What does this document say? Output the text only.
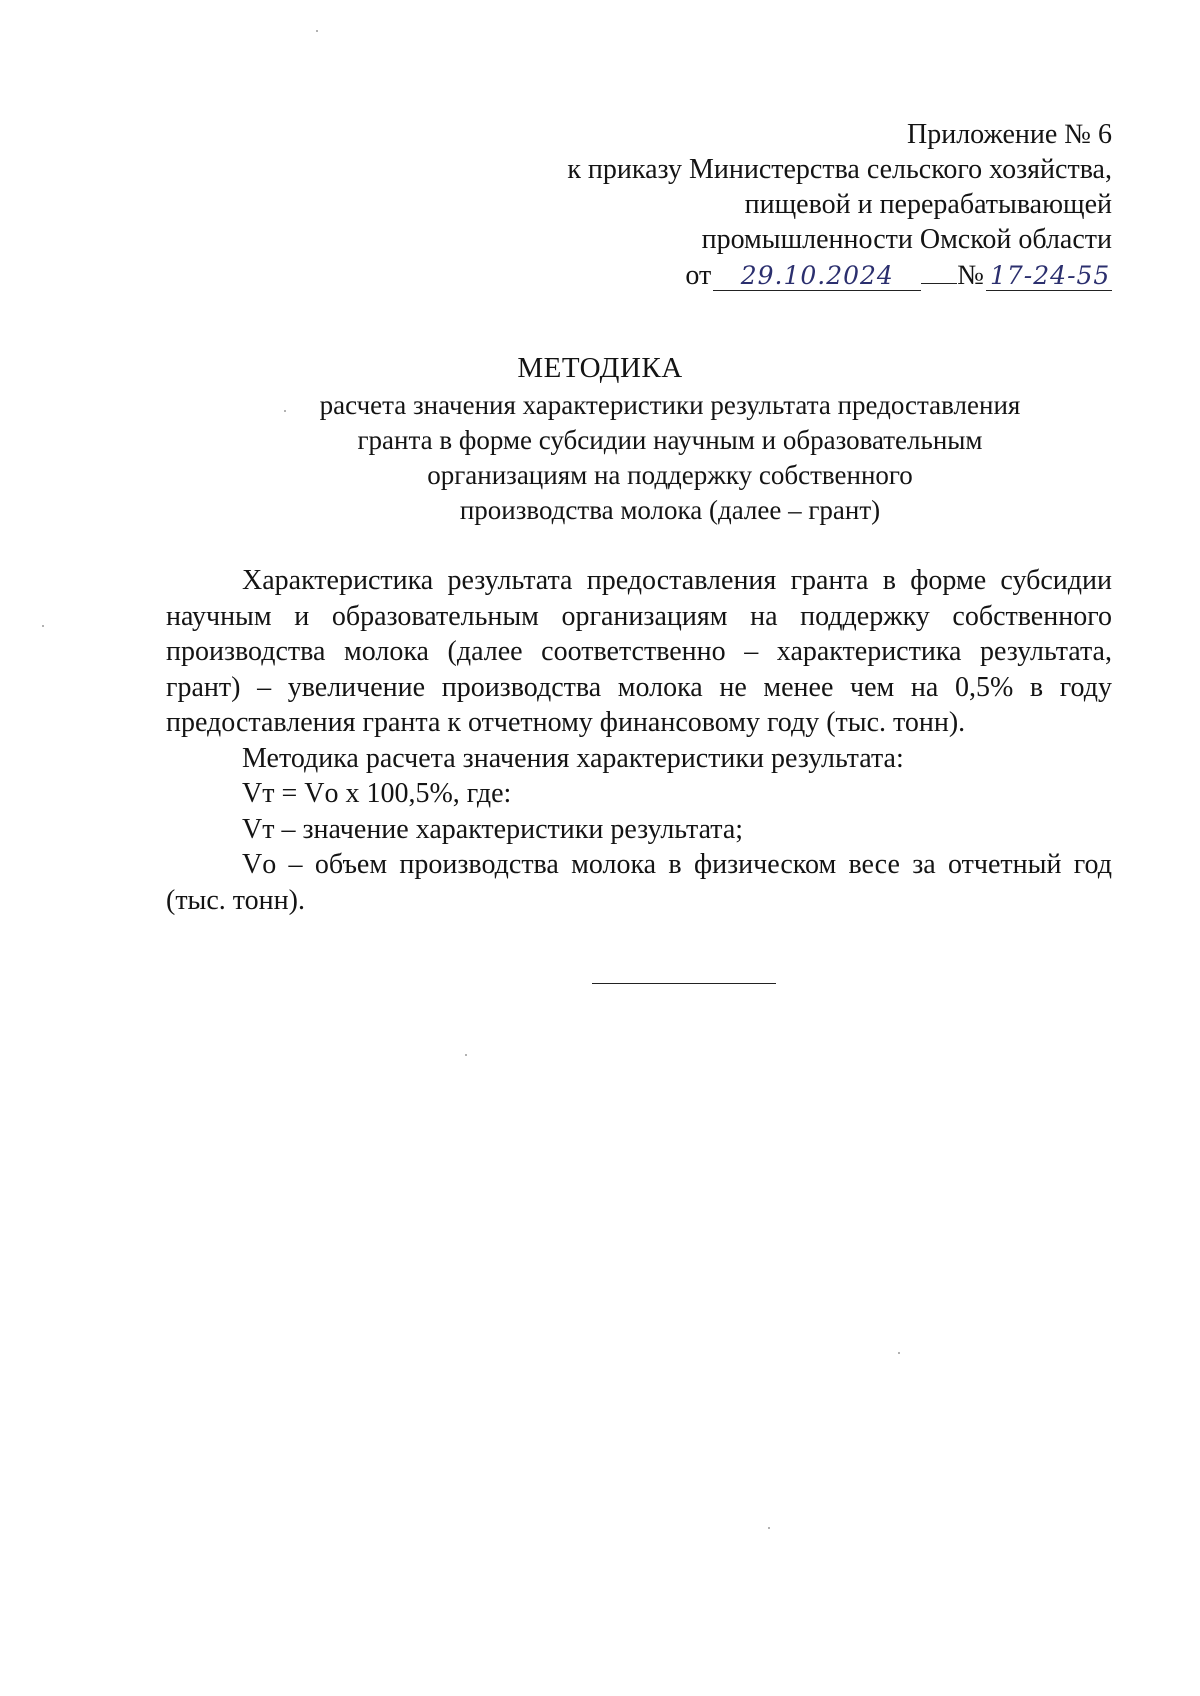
Приложение № 6
к приказу Министерства сельского хозяйства,
пищевой и перерабатывающей
промышленности Омской области
от	29.10.2024	№ 17-24-55
МЕТОДИКА
расчета значения характеристики результата предоставления
гранта в форме субсидии научным и образовательным
организациям на поддержку собственного
производства молока (далее – грант)

Характеристика результата предоставления гранта в форме субсидии научным и образовательным организациям на поддержку собственного производства молока (далее соответственно – характеристика результата, грант) – увеличение производства молока не менее чем на 0,5% в году предоставления гранта к отчетному финансовому году (тыс. тонн).

Методика расчета значения характеристики результата:

Vт = Vо x 100,5%, где:

Vт – значение характеристики результата;

Vо – объем производства молока в физическом весе за отчетный год (тыс. тонн).
